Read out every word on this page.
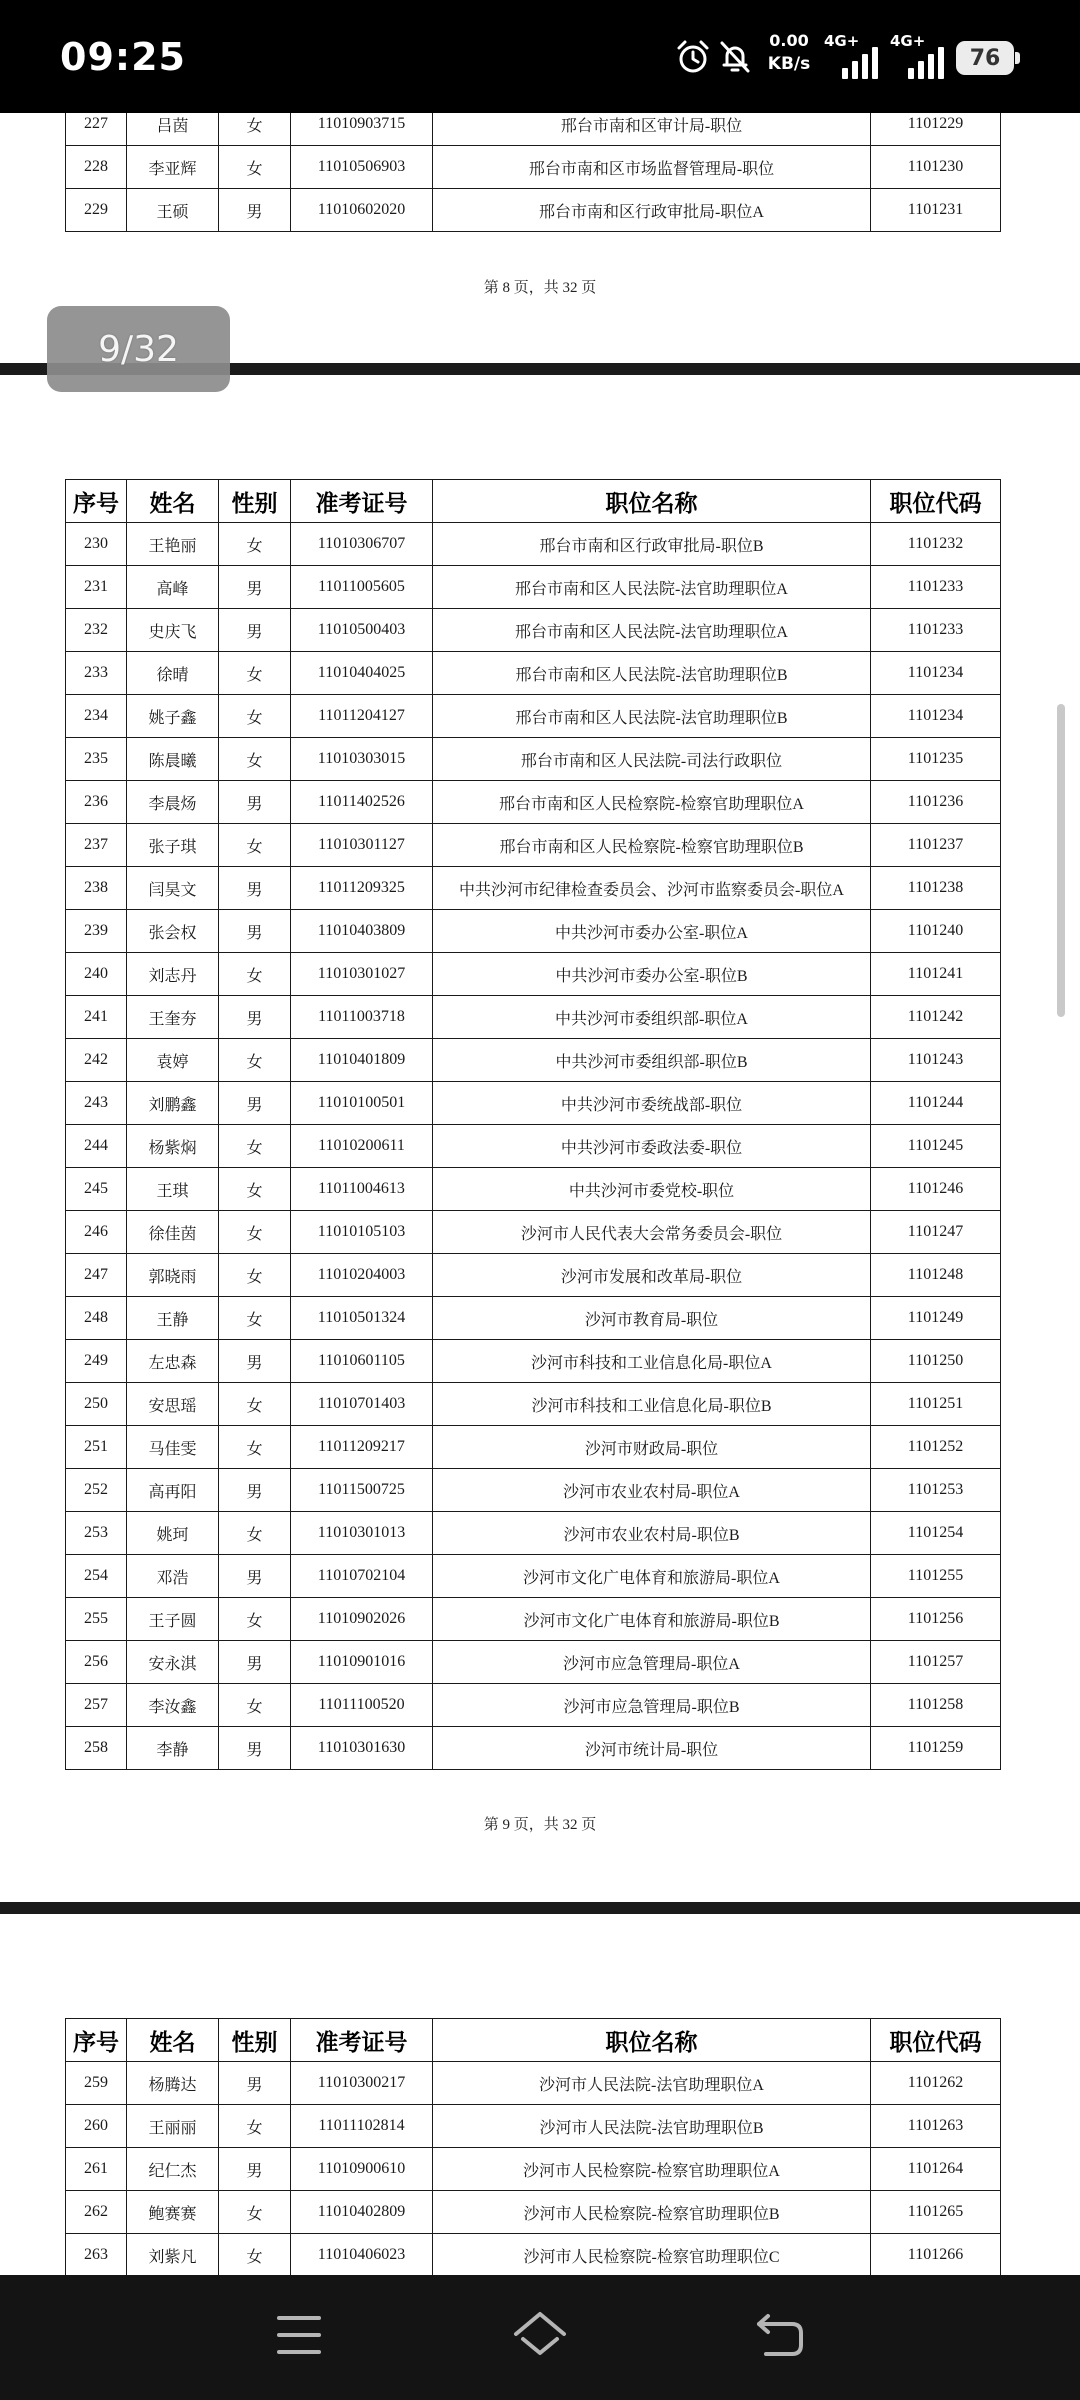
09:25	0.00
KB/s
4G+ 4G+
76
227	吕茵	女	11010903715	邢台市南和区审计局-职位	1101229
228	李亚辉	女	11010506903	邢台市南和区市场监督管理局-职位	1101230
229	王硕	男	11010602020	邢台市南和区行政审批局-职位A	1101231
第 8 页，共 32 页
9/32
序号	姓名	性别	准考证号	职位名称	职位代码
230	王艳丽	女	11010306707	邢台市南和区行政审批局-职位B	1101232
231	高峰	男	11011005605	邢台市南和区人民法院-法官助理职位A	1101233
232	史庆飞	男	11010500403	邢台市南和区人民法院-法官助理职位A	1101233
233	徐晴	女	11010404025	邢台市南和区人民法院-法官助理职位B	1101234
234	姚子鑫	女	11011204127	邢台市南和区人民法院-法官助理职位B	1101234
235	陈晨曦	女	11010303015	邢台市南和区人民法院-司法行政职位	1101235
236	李晨炀	男	11011402526	邢台市南和区人民检察院-检察官助理职位A	1101236
237	张子琪	女	11010301127	邢台市南和区人民检察院-检察官助理职位B	1101237
238	闫昊文	男	11011209325	中共沙河市纪律检查委员会、沙河市监察委员会-职位A	1101238
239	张会权	男	11010403809	中共沙河市委办公室-职位A	1101240
240	刘志丹	女	11010301027	中共沙河市委办公室-职位B	1101241
241	王奎夯	男	11011003718	中共沙河市委组织部-职位A	1101242
242	袁婷	女	11010401809	中共沙河市委组织部-职位B	1101243
243	刘鹏鑫	男	11010100501	中共沙河市委统战部-职位	1101244
244	杨紫焖	女	11010200611	中共沙河市委政法委-职位	1101245
245	王琪	女	11011004613	中共沙河市委党校-职位	1101246
246	徐佳茵	女	11010105103	沙河市人民代表大会常务委员会-职位	1101247
247	郭晓雨	女	11010204003	沙河市发展和改革局-职位	1101248
248	王静	女	11010501324	沙河市教育局-职位	1101249
249	左忠森	男	11010601105	沙河市科技和工业信息化局-职位A	1101250
250	安思瑶	女	11010701403	沙河市科技和工业信息化局-职位B	1101251
251	马佳雯	女	11011209217	沙河市财政局-职位	1101252
252	高再阳	男	11011500725	沙河市农业农村局-职位A	1101253
253	姚珂	女	11010301013	沙河市农业农村局-职位B	1101254
254	邓浩	男	11010702104	沙河市文化广电体育和旅游局-职位A	1101255
255	王子圆	女	11010902026	沙河市文化广电体育和旅游局-职位B	1101256
256	安永淇	男	11010901016	沙河市应急管理局-职位A	1101257
257	李汝鑫	女	11011100520	沙河市应急管理局-职位B	1101258
258	李静	男	11010301630	沙河市统计局-职位	1101259
第 9 页，共 32 页
序号	姓名	性别	准考证号	职位名称	职位代码
259	杨腾达	男	11010300217	沙河市人民法院-法官助理职位A	1101262
260	王丽丽	女	11011102814	沙河市人民法院-法官助理职位B	1101263
261	纪仁杰	男	11010900610	沙河市人民检察院-检察官助理职位A	1101264
262	鲍赛赛	女	11010402809	沙河市人民检察院-检察官助理职位B	1101265
263	刘紫凡	女	11010406023	沙河市人民检察院-检察官助理职位C	1101266
